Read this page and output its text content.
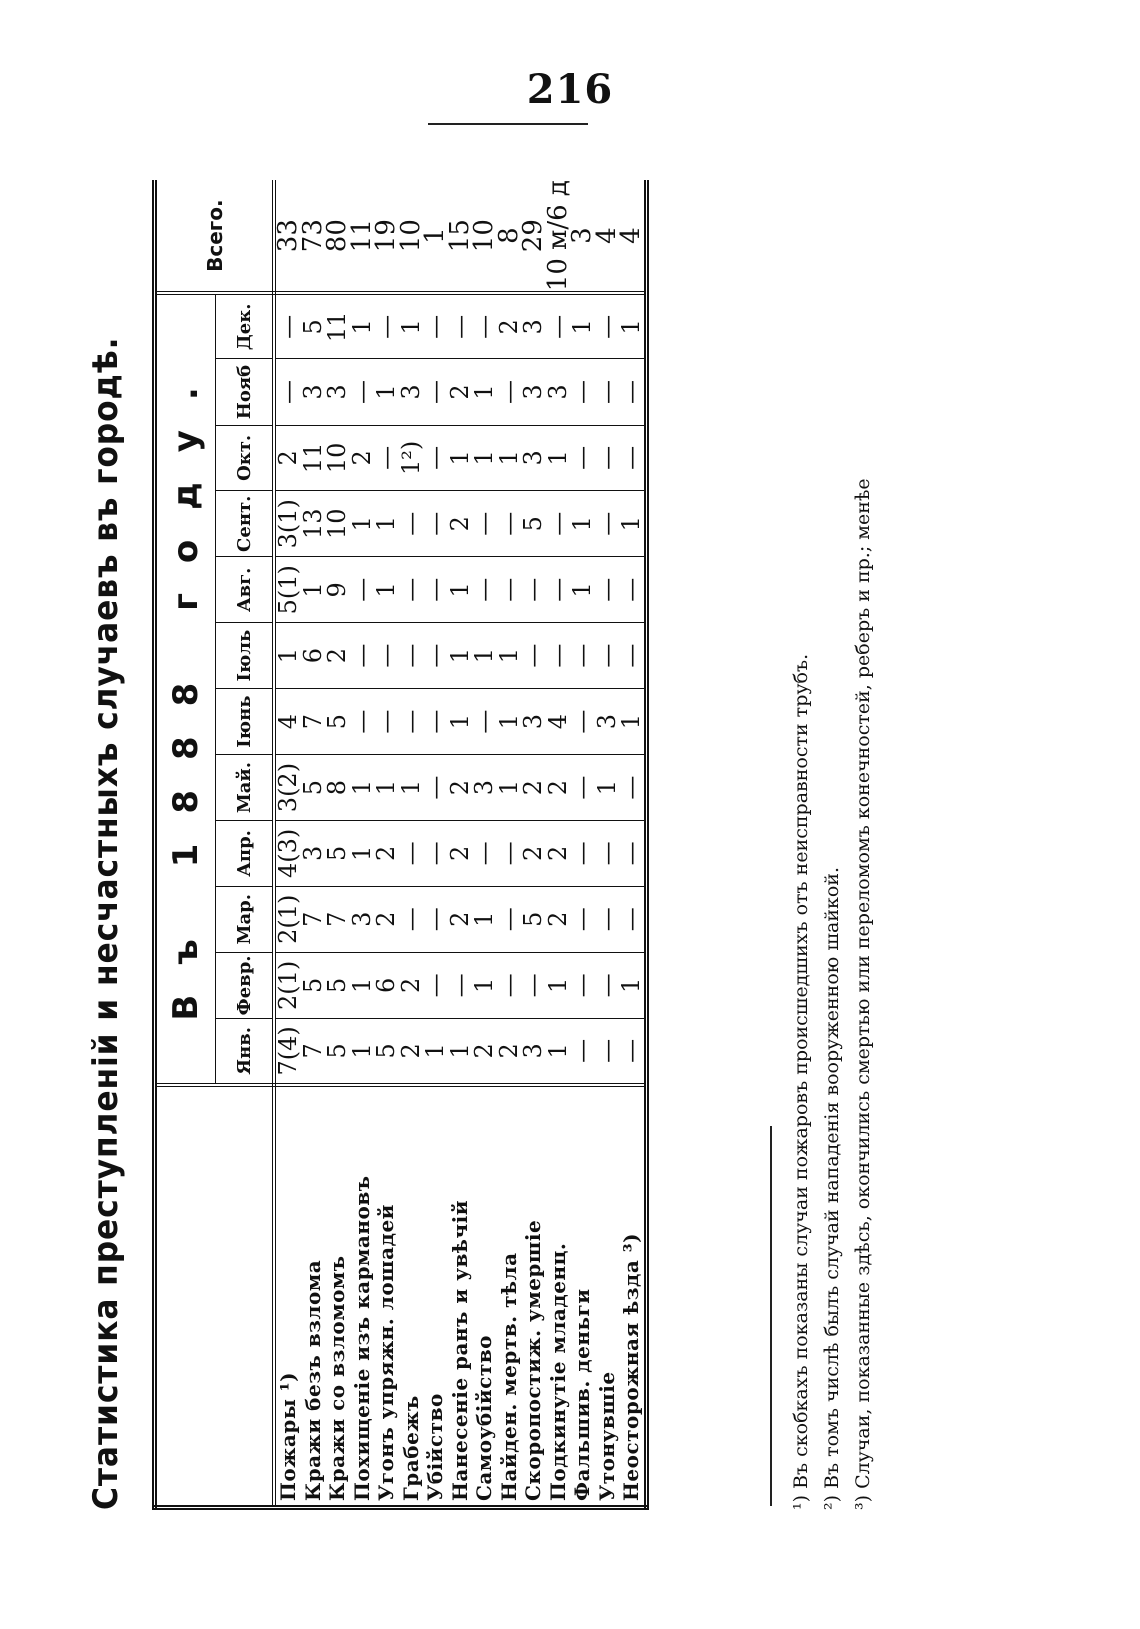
216
Статистика преступленій и несчастныхъ случаевъ въ городѣ.
	Въ 1888 году.												Всего.
	Янв.	Февр.	Мар.	Апр.	Май.	Іюнь	Іюль	Авг.	Сент.	Окт.	Нояб	Дек.	
Пожары ¹)	7(4)	2(1)	2(1)	4(3)	3(2)	4	1	5(1)	3(1)	2	—	—	33
Кражи безъ взлома	7	5	7	3	5	7	6	1	13	11	3	5	73
Кражи со взломомъ	5	5	7	5	8	5	2	9	10	10	3	11	80
Похищеніе изъ кармановъ	1	1	3	1	1	—	—	—	1	2	—	1	11
Угонъ упряжн. лошадей	5	6	2	2	1	—	—	1	1	—	1	—	19
Грабежъ	2	2	—	—	1	—	—	—	—	1²)	3	1	10
Убійство	1	—	—	—	—	—	—	—	—	—	—	—	1
Нанесеніе ранъ и увѣчій	1	—	2	2	2	1	1	1	2	1	2	—	15
Самоубійство	2	1	1	—	3	—	1	—	—	1	1	—	10
Найден. мертв. тѣла	2	—	—	—	1	1	1	—	—	1	—	2	8
Скоропостиж. умершіе	3	—	5	2	2	3	—	—	5	3	3	3	29
Подкинутіе младенц.	1	1	2	2	2	4	—	—	—	1	3	—	10 м/6 д
Фальшив. деньги	—	—	—	—	—	—	—	1	1	—	—	1	3
Утонувшіе	—	—	—	—	1	3	—	—	—	—	—	—	4
Неосторожная ѣзда ³)	—	1	—	—	—	1	—	—	1	—	—	1	4
¹) Въ скобкахъ показаны случаи пожаровъ происшедшихъ отъ неисправности трубъ. ²) Въ томъ числѣ былъ случай нападенія вооруженною шайкой. ³) Случаи, показанные здѣсь, окончились смертью или переломомъ конечностей, реберъ и пр.; менѣе
